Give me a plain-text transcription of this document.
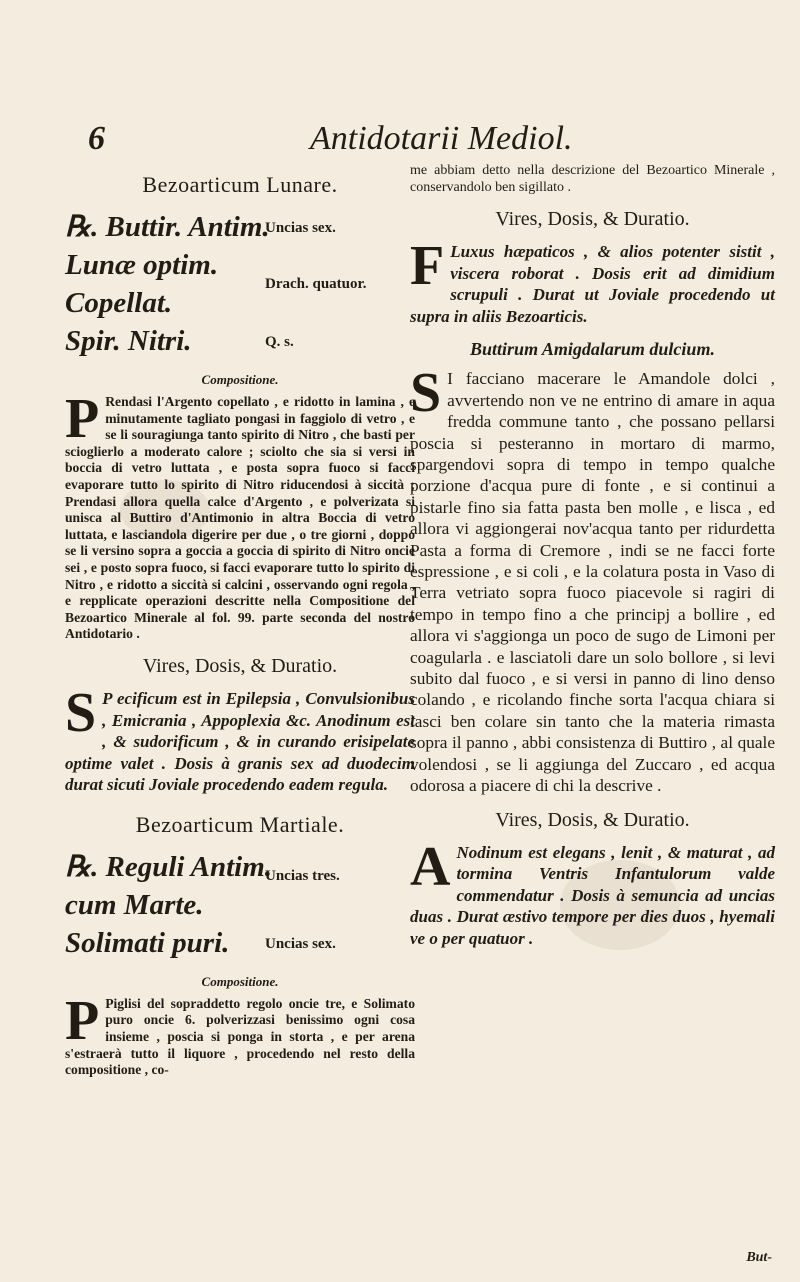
6	Antidotarii Mediol.
Bezoarticum Lunare.
℞. Buttir. Antim.
Uncias sex.
Lunæ optim.
Copellat.
Drach. quatuor.
Spir. Nitri.	Q. s.
Compositione.

P Rendasi l'Argento copellato , e ridotto in lamina , e minutamente tagliato pongasi in faggiolo di vetro , e se li souragiunga tanto spirito di Nitro , che basti per scioglierlo a moderato calore ; sciolto che sia si versi in boccia di vetro luttata , e posta sopra fuoco si facci evaporare tutto lo spirito di Nitro riducendosi à siccità ; Prendasi allora quella calce d'Argento , e polverizata si unisca al Buttiro d'Antimonio in altra Boccia di vetro luttata, e lasciandola digerire per due , o tre giorni , doppo se li versino sopra a goccia a goccia di spirito di Nitro oncie sei , e posto sopra fuoco, si facci evaporare tutto lo spirito di Nitro , e ridotto a siccità si calcini , osservando ogni regola , e repplicate operazioni descritte nella Compositione del Bezoartico Minerale al fol. 99. parte seconda del nostro Antidotario .

Vires, Dosis, & Duratio.

S P ecificum est in Epilepsia , Convulsionibus , Emicrania , Appoplexia &c. Anodinum est , & sudorificum , & in curando erisipelate optime valet . Dosis à granis sex ad duodecim durat sicuti Joviale procedendo eadem regula.

Bezoarticum Martiale.
℞. Reguli Antim.
Uncias tres.
cum Marte.
Solimati puri. Uncias sex.
Compositione.

P Piglisi del sopraddetto regolo oncie tre, e Solimato puro oncie 6. polverizzasi benissimo ogni cosa insieme , poscia si ponga in storta , e per arena s'estraerà tutto il liquore , procedendo nel resto della compositione , co-

me abbiam detto nella descrizione del Bezoartico Minerale , conservandolo ben sigillato .

Vires, Dosis, & Duratio.

F Luxus hæpaticos , & alios potenter sistit , viscera roborat . Dosis erit ad dimidium scrupuli . Durat ut Joviale procedendo ut supra in aliis Bezoarticis.

Buttirum Amigdalarum dulcium.

S I facciano macerare le Amandole dolci , avvertendo non ve ne entrino di amare in aqua fredda commune tanto , che possano pellarsi poscia si pesteranno in mortaro di marmo, spargendovi sopra di tempo in tempo qualche porzione d'acqua pure di fonte , e si continui a pistarle fino sia fatta pasta ben molle , e lisca , ed allora vi aggiongerai nov'acqua tanto per ridurdetta Pasta a forma di Cremore , indi se ne facci forte espressione , e si coli , e la colatura posta in Vaso di Terra vetriato sopra fuoco piacevole si ragiri di tempo in tempo fino a che principj a bollire , ed allora vi s'aggionga un poco de sugo de Limoni per coagularla . e lasciatoli dare un solo bollore , si levi subito dal fuoco , e si versi in panno di lino denso colando , e ricolando finche sorta l'acqua chiara si lasci ben colare sin tanto che la materia rimasta sopra il panno , abbi consistenza di Buttiro , al quale volendosi , se li aggiunga del Zuccaro , ed acqua odorosa a piacere di chi la descrive .

Vires, Dosis, & Duratio.

A Nodinum est elegans , lenit , & maturat , ad tormina Ventris Infantulorum valde commendatur . Dosis à semuncia ad uncias duas . Durat æstivo tempore per dies duos , hyemali ve o per quatuor .

But-
